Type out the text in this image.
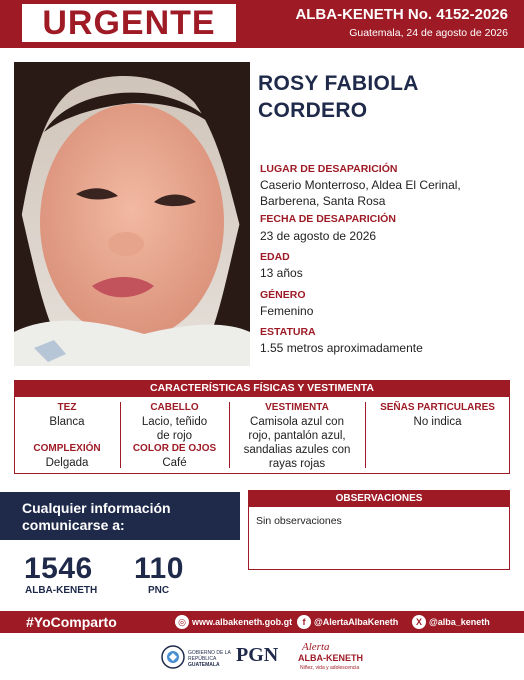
URGENTE	ALBA-KENETH No. 4152-2026
Guatemala, 24 de agosto de 2026
ROSY FABIOLA
CORDERO
LUGAR DE DESAPARICIÓN
Caserio Monterroso, Aldea El Cerinal,
Barberena, Santa Rosa
FECHA DE DESAPARICIÓN
23 de agosto de 2026
EDAD
13 años
GÉNERO
Femenino
ESTATURA
1.55 metros aproximadamente
CARACTERÍSTICAS FÍSICAS Y VESTIMENTA
TEZ
Blanca
COMPLEXIÓN
Delgada
CABELLO
Lacio, teñido
de rojo
COLOR DE OJOS
Café
VESTIMENTA
Camisola azul con
rojo, pantalón azul,
sandalias azules con
rayas rojas
SEÑAS PARTICULARES
No indica
Cualquier información
comunicarse a:
1546
ALBA-KENETH
110
PNC
OBSERVACIONES
Sin observaciones
#YoComparto	◎ www.albakeneth.gob.gt	f @AlertaAlbaKeneth	X @alba_keneth
GOBIERNO DE LA REPÚBLICA
GUATEMALA PGN Alerta
ALBA-KENETH
Niñez, vida y adolescencia
